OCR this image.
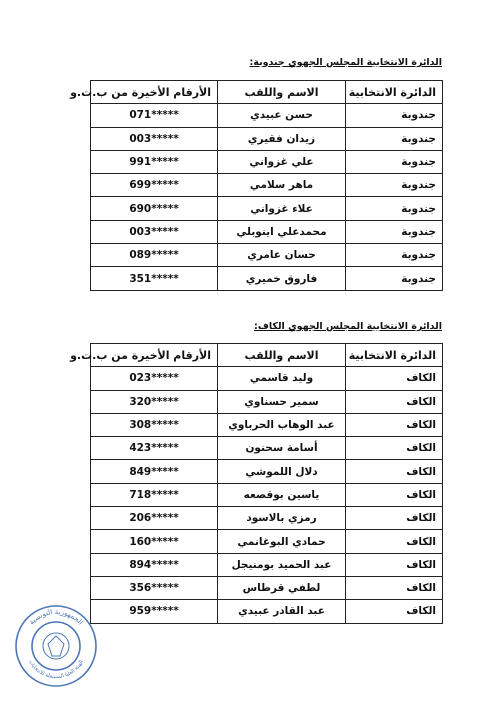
الدائرة الانتخابية المجلس الجهوي جندوبة:
الدائرة الانتخابية	الاسم واللقب	الأرقام الأخيرة من ب.ت.و
جندوبة	حسن عبيدي	071*****
جندوبة	زيدان فقيري	003*****
جندوبة	علي غزواني	991*****
جندوبة	ماهر سلامي	699*****
جندوبة	علاء غزواني	690*****
جندوبة	محمدعلي اينوبلي	003*****
جندوبة	حسان عامري	089*****
جندوبة	فاروق خميري	351*****
الدائرة الانتخابية المجلس الجهوي الكاف:
الدائرة الانتخابية	الاسم واللقب	الأرقام الأخيرة من ب.ت.و
الكاف	وليد قاسمي	023*****
الكاف	سمير حسناوي	320*****
الكاف	عبد الوهاب الحرباوي	308*****
الكاف	أسامة سحنون	423*****
الكاف	دلال اللموشي	849*****
الكاف	ياسين بوقصعه	718*****
الكاف	رمزي بالاسود	206*****
الكاف	حمادي البوغانمي	160*****
الكاف	عبد الحميد بومنيجل	894*****
الكاف	لطفي قرطاس	356*****
الكاف	عبد القادر عبيدي	959*****
الجمهورية التونسية
الهيئة العليا المستقلة للانتخابات
